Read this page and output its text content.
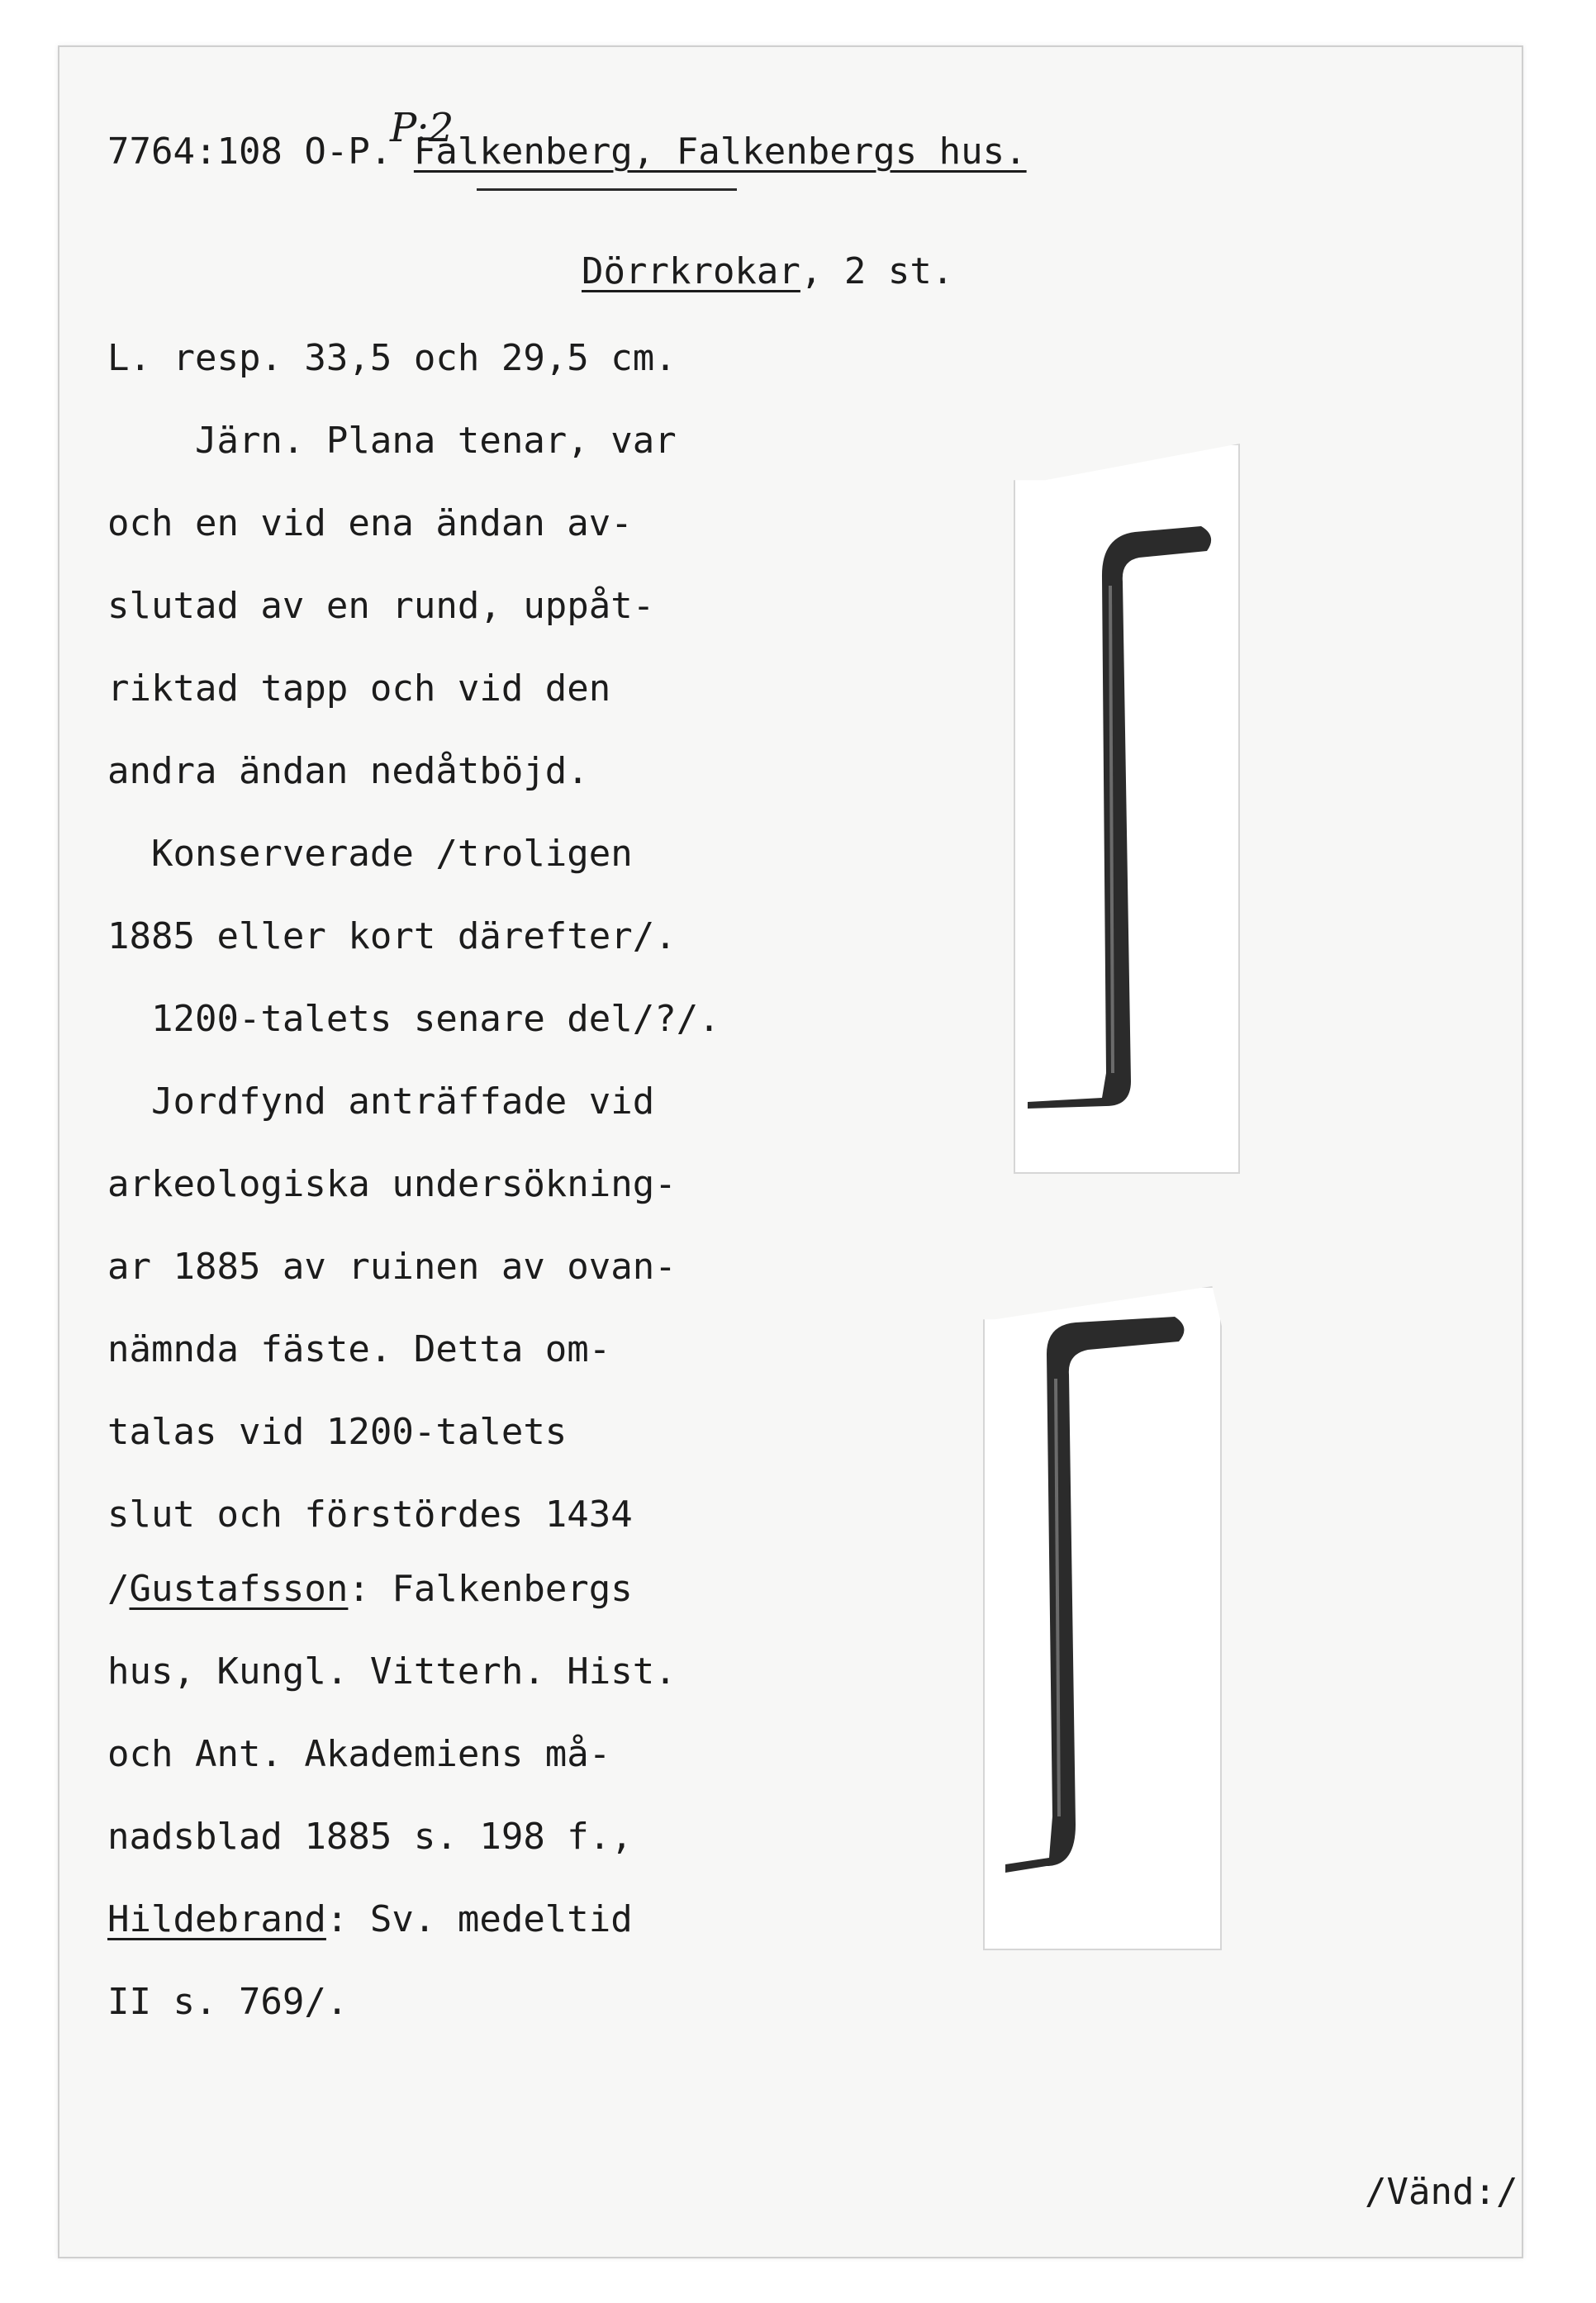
P:2
7764:108 O-P. Falkenberg, Falkenbergs hus.
Dörrkrokar, 2 st.
L. resp. 33,5 och 29,5 cm.
Järn. Plana tenar, var
och en vid ena ändan av-
slutad av en rund, uppåt-
riktad tapp och vid den
andra ändan nedåtböjd.
Konserverade /troligen
1885 eller kort därefter/.
1200-talets senare del/?/.
Jordfynd anträffade vid
arkeologiska undersökning-
ar 1885 av ruinen av ovan-
nämnda fäste. Detta om-
talas vid 1200-talets
slut och förstördes 1434
/Gustafsson: Falkenbergs
hus, Kungl. Vitterh. Hist.
och Ant. Akademiens må-
nadsblad 1885 s. 198 f.,
Hildebrand: Sv. medeltid
II s. 769/.
/Vänd:/
